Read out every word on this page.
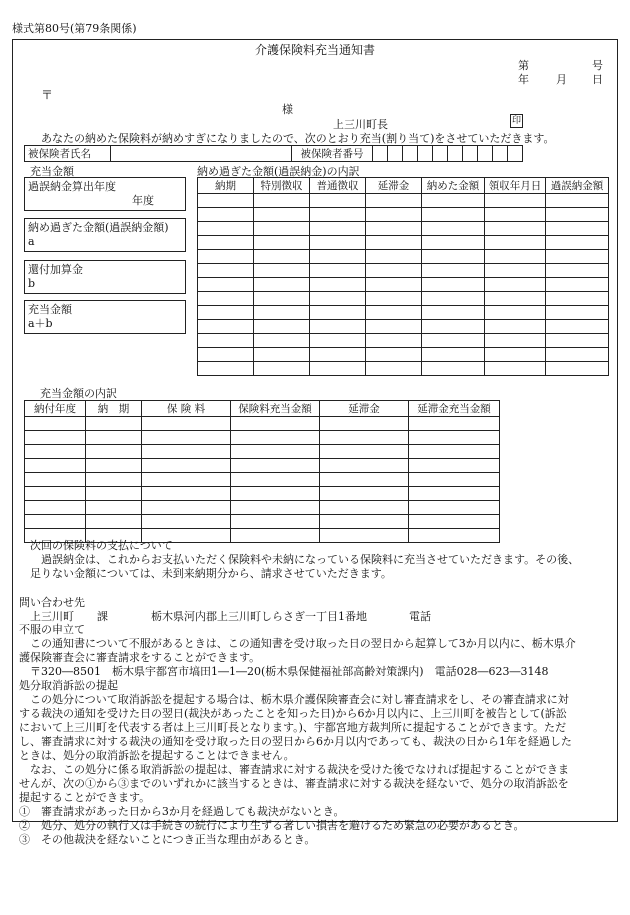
様式第80号(第79条関係)
介護保険料充当通知書
第	号
年 月 日
〒
様
上三川町長	印
あなたの納めた保険料が納めすぎになりましたので、次のとおり充当(割り当て)をさせていただきます。
被保険者氏名		被保険者番号										
充当金額
過誤納金算出年度
年度
納め過ぎた金額(過誤納金額)
a
還付加算金
b
充当金額
a＋b
納め過ぎた金額(過誤納金)の内訳
納期	特別徴収	普通徴収	延滞金	納めた金額	領収年月日	過誤納金額

充当金額の内訳
納付年度	納　期	保 険 料	保険料充当金額	延滞金	延滞金充当金額

次回の保険料の支払について
過誤納金は、これからお支払いただく保険料や未納になっている保険料に充当させていただきます。その後、
足りない金額については、未到来納期分から、請求させていただきます。
問い合わせ先
上三川町 課	栃木県河内郡上三川町しらさぎ一丁目1番地	電話
不服の申立て
この通知書について不服があるときは、この通知書を受け取った日の翌日から起算して3か月以内に、栃木県介
護保険審査会に審査請求をすることができます。
〒320―8501　栃木県宇都宮市塙田1―1―20(栃木県保健福祉部高齢対策課内)　電話028―623―3148
処分取消訴訟の提起
この処分について取消訴訟を提起する場合は、栃木県介護保険審査会に対し審査請求をし、その審査請求に対
する裁決の通知を受けた日の翌日(裁決があったことを知った日)から6か月以内に、上三川町を被告として(訴訟
において上三川町を代表する者は上三川町長となります。)、宇都宮地方裁判所に提起することができます。ただ
し、審査請求に対する裁決の通知を受け取った日の翌日から6か月以内であっても、裁決の日から1年を経過した
ときは、処分の取消訴訟を提起することはできません。
なお、この処分に係る取消訴訟の提起は、審査請求に対する裁決を受けた後でなければ提起することができま
せんが、次の①から③までのいずれかに該当するときは、審査請求に対する裁決を経ないで、処分の取消訴訟を
提起することができます。
①　審査請求があった日から3か月を経過しても裁決がないとき。
②　処分、処分の執行又は手続きの続行により生ずる著しい損害を避けるため緊急の必要があるとき。
③　その他裁決を経ないことにつき正当な理由があるとき。
